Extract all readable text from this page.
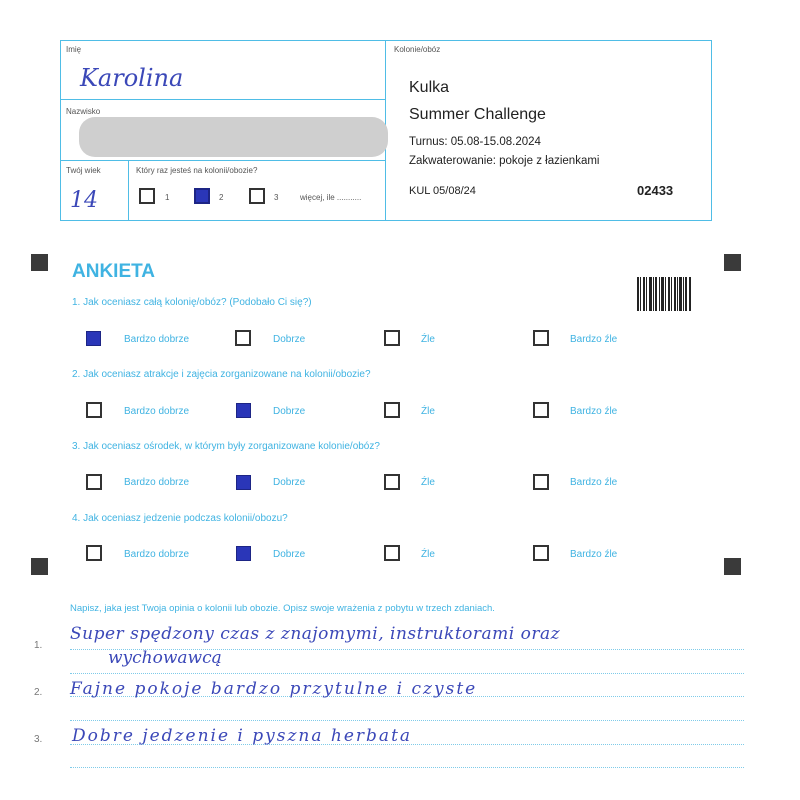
Imię
Karolina
Nazwisko
Twój wiek
14
Który raz jesteś na kolonii/obozie?
1	2	3	więcej, ile ...........
Kolonie/obóz
Kulka
Summer Challenge
Turnus: 05.08-15.08.2024
Zakwaterowanie: pokoje z łazienkami
KUL 05/08/24	02433
ANKIETA
1. Jak oceniasz całą kolonię/obóz? (Podobało Ci się?)
Bardzo dobrze	Dobrze	Źle	Bardzo źle
2. Jak oceniasz atrakcje i zajęcia zorganizowane na kolonii/obozie?
Bardzo dobrze	Dobrze	Źle	Bardzo źle
3. Jak oceniasz ośrodek, w którym były zorganizowane kolonie/obóz?
Bardzo dobrze	Dobrze	Źle	Bardzo źle
4. Jak oceniasz jedzenie podczas kolonii/obozu?
Bardzo dobrze	Dobrze	Źle	Bardzo źle
Napisz, jaka jest Twoja opinia o kolonii lub obozie. Opisz swoje wrażenia z pobytu w trzech zdaniach.
1.
2.
3.
Super spędzony czas z znajomymi, instruktorami oraz
wychowawcą
Fajne pokoje bardzo przytulne i czyste
Dobre jedzenie i pyszna herbata
